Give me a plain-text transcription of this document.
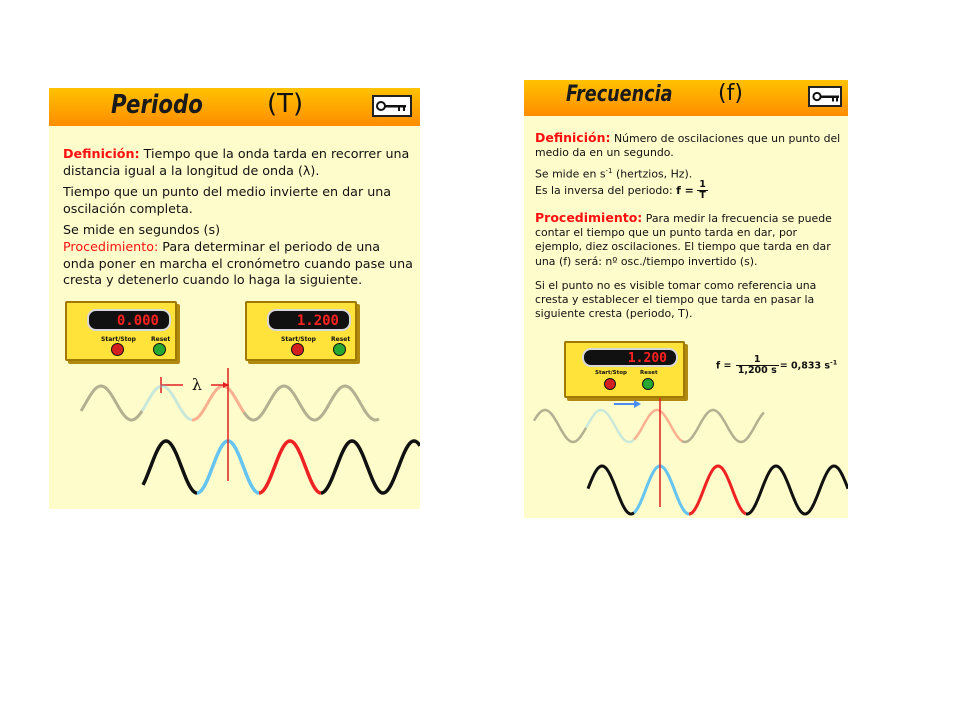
Periodo (T)
Definición: Tiempo que la onda tarda en recorrer una distancia igual a la longitud de onda (λ).
Tiempo que un punto del medio invierte en dar una oscilación completa.
Se mide en segundos (s)
Procedimiento: Para determinar el periodo de una onda poner en marcha el cronómetro cuando pase una cresta y detenerlo cuando lo haga la siguiente.
0.000
Start/Stop	Reset
1.200
Start/Stop	Reset
λ
Frecuencia (f)
Definición: Número de oscilaciones que un punto del medio da en un segundo.
Se mide en $s^{-1}$ (hertzios, Hz).
Es la inversa del periodo: $f = \frac{1}{T}$
Procedimiento: Para medir la frecuencia se puede contar el tiempo que un punto tarda en dar, por ejemplo, diez oscilaciones. El tiempo que tarda en dar una (f) será: nº osc./tiempo invertido (s).
Si el punto no es visible tomar como referencia una cresta y establecer el tiempo que tarda en pasar la siguiente cresta (periodo, T).
1.200
Start/Stop Reset
$f = \frac{1}{1,200 s} = 0,833$ $s^{-1}$
